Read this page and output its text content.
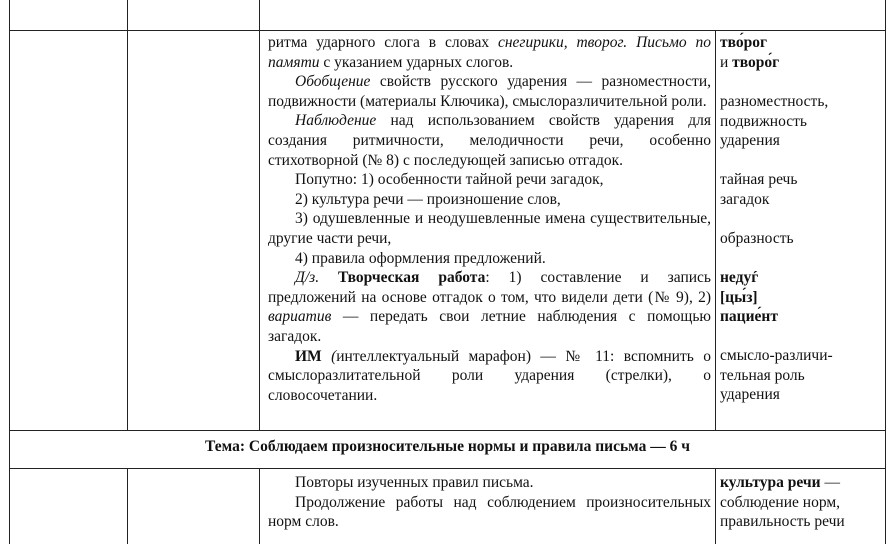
ритма ударного слога в словах снегирики, творог. Письмо по памяти с указанием ударных слогов.

Обобщение свойств русского ударения — разноместности, подвижности (материалы Ключика), смыслоразличительной роли.

Наблюдение над использованием свойств ударения для создания ритмичности, мелодичности речи, особенно стихотворной (№ 8) с последующей записью отгадок.

Попутно: 1) особенности тайной речи загадок,

2) культура речи — произношение слов,

3) одушевленные и неодушевленные имена существительные, другие части речи,

4) правила оформления предложений.

Д/з. Творческая работа: 1) составление и запись предложений на основе отгадок о том, что видели дети (№ 9), 2) вариатив — передать свои летние наблюдения с помощью загадок.

ИМ (интеллектуальный марафон) — № 11: вспомнить о смыслоразлитательной роли ударения (стрелки), о словосочетании.

тво́рог
и творо́г
разноместность,
подвижность
ударения
тайная речь
загадок
образность
недуѓ
[цы́з]
пацие́нт
смысло-различи-
тельная роль
ударения
Тема: Соблюдаем произносительные нормы и правила письма — 6 ч

Повторы изученных правил письма.

Продолжение работы над соблюдением произносительных норм слов.

культура речи —
соблюдение норм,
правильность речи
